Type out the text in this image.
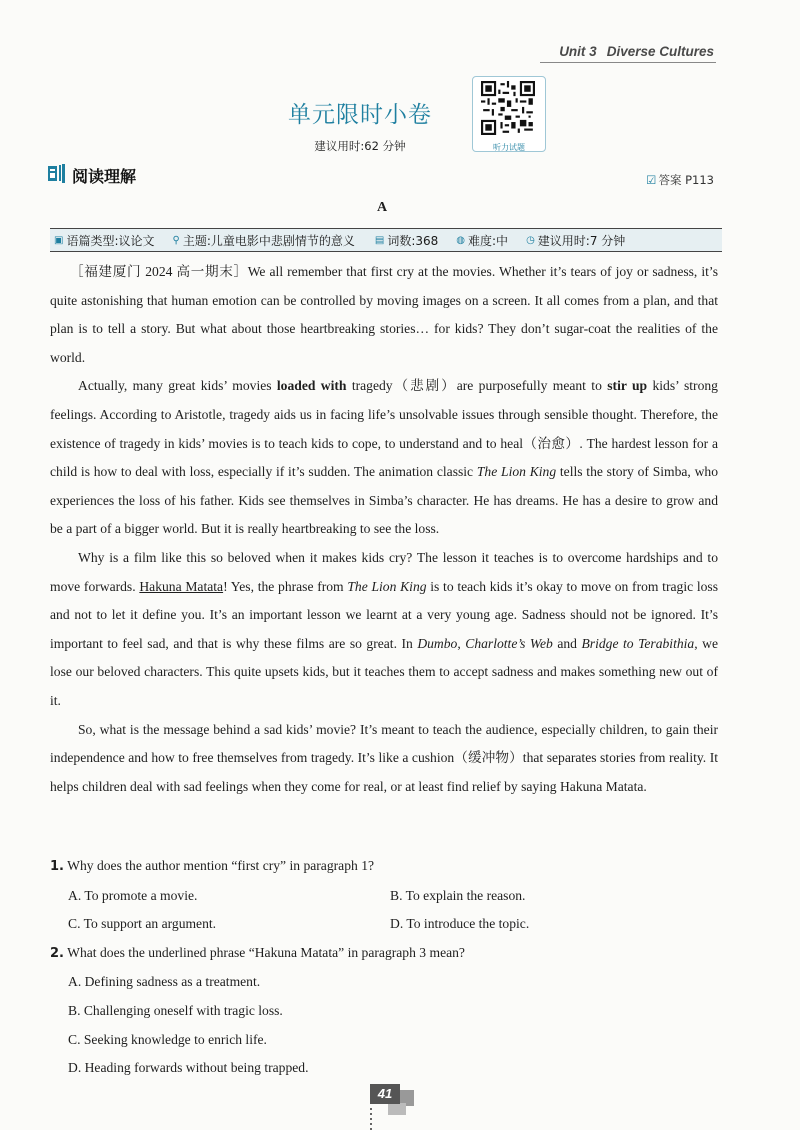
Unit 3 Diverse Cultures
单元限时小卷
建议用时:62 分钟	听力试题
阅读理解	☑ 答案 P113
A
▣ 语篇类型:议论文 ⚲ 主题:儿童电影中悲剧情节的意义 ▤ 词数:368 ◍ 难度:中 ◷ 建议用时:7 分钟

［福建厦门 2024 高一期末］We all remember that first cry at the movies. Whether it’s tears of joy or sadness, it’s quite astonishing that human emotion can be controlled by moving images on a screen. It all comes from a plan, and that plan is to tell a story. But what about those heartbreaking stories… for kids? They don’t sugar-coat the realities of the world.

Actually, many great kids’ movies loaded with tragedy（悲剧）are purposefully meant to stir up kids’ strong feelings. According to Aristotle, tragedy aids us in facing life’s unsolvable issues through sensible thought. Therefore, the existence of tragedy in kids’ movies is to teach kids to cope, to understand and to heal（治愈）. The hardest lesson for a child is how to deal with loss, especially if it’s sudden. The animation classic The Lion King tells the story of Simba, who experiences the loss of his father. Kids see themselves in Simba’s character. He has dreams. He has a desire to grow and be a part of a bigger world. But it is really heartbreaking to see the loss.

Why is a film like this so beloved when it makes kids cry? The lesson it teaches is to overcome hardships and to move forwards. Hakuna Matata! Yes, the phrase from The Lion King is to teach kids it’s okay to move on from tragic loss and not to let it define you. It’s an important lesson we learnt at a very young age. Sadness should not be ignored. It’s important to feel sad, and that is why these films are so great. In Dumbo, Charlotte’s Web and Bridge to Terabithia, we lose our beloved characters. This quite upsets kids, but it teaches them to accept sadness and makes something new out of it.

So, what is the message behind a sad kids’ movie? It’s meant to teach the audience, especially children, to gain their independence and how to free themselves from tragedy. It’s like a cushion（缓冲物）that separates stories from reality. It helps children deal with sad feelings when they come for real, or at least find relief by saying Hakuna Matata.

1. Why does the author mention “first cry” in paragraph 1?
A. To promote a movie.	B. To explain the reason.
C. To support an argument.	D. To introduce the topic.
2. What does the underlined phrase “Hakuna Matata” in paragraph 3 mean?
A. Defining sadness as a treatment.
B. Challenging oneself with tragic loss.
C. Seeking knowledge to enrich life.
D. Heading forwards without being trapped.
41
